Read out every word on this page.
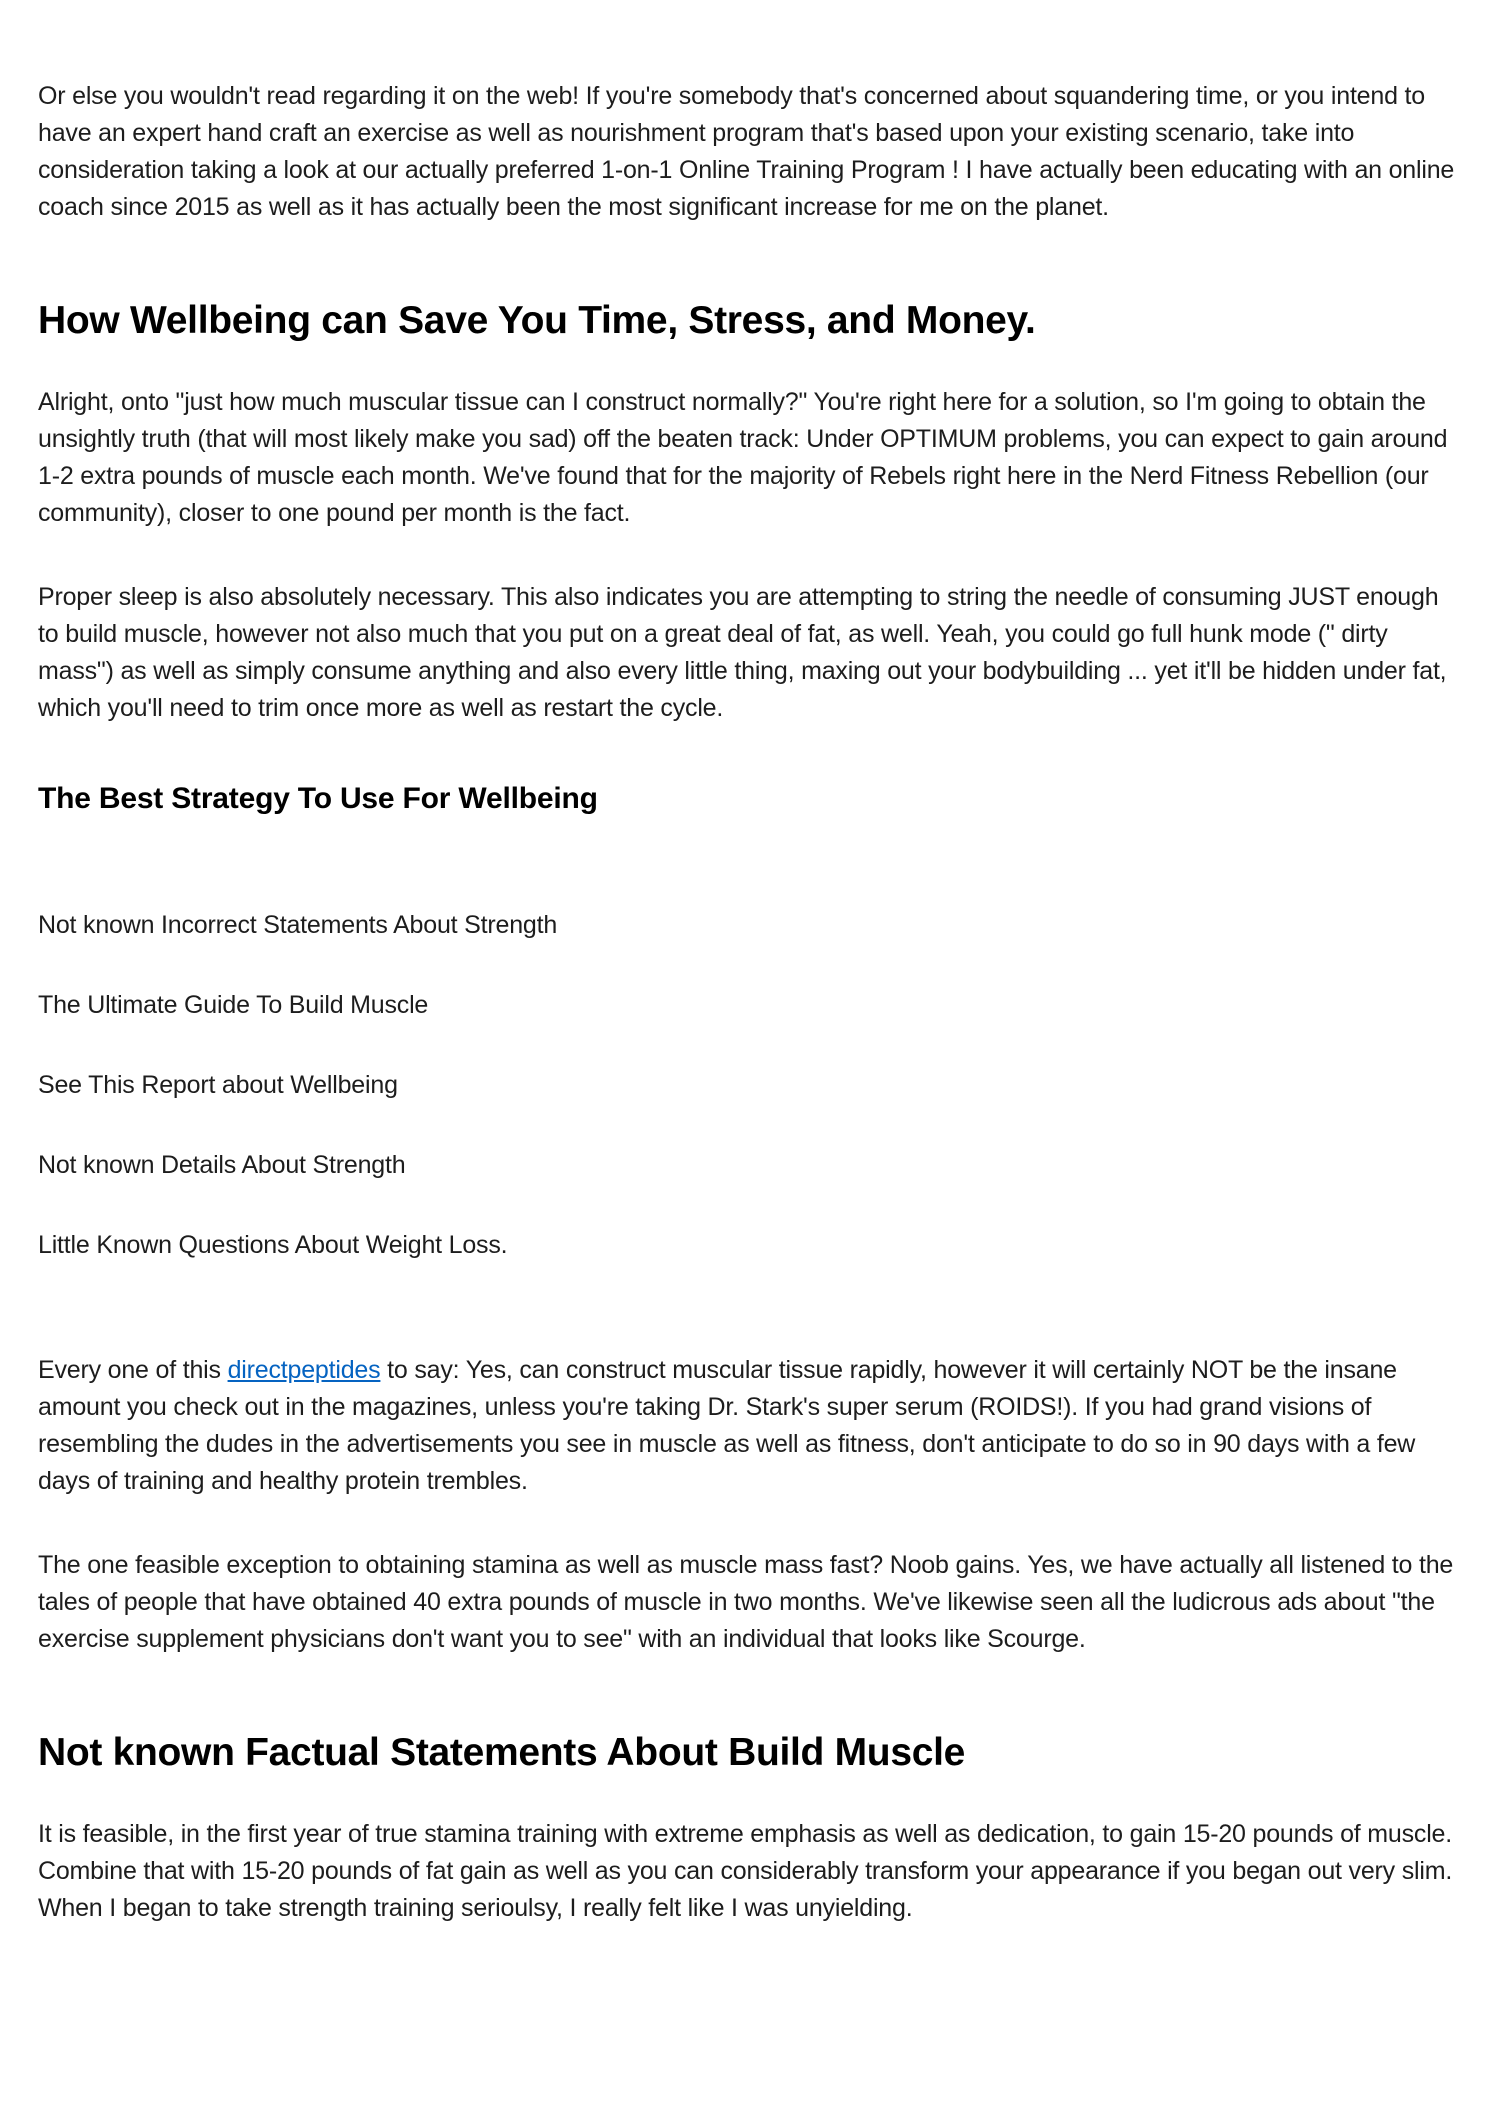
Or else you wouldn't read regarding it on the web! If you're somebody that's concerned about squandering time, or you intend to have an expert hand craft an exercise as well as nourishment program that's based upon your existing scenario, take into consideration taking a look at our actually preferred 1-on-1 Online Training Program ! I have actually been educating with an online coach since 2015 as well as it has actually been the most significant increase for me on the planet.

How Wellbeing can Save You Time, Stress, and Money.

Alright, onto "just how much muscular tissue can I construct normally?" You're right here for a solution, so I'm going to obtain the unsightly truth (that will most likely make you sad) off the beaten track: Under OPTIMUM problems, you can expect to gain around 1-2 extra pounds of muscle each month. We've found that for the majority of Rebels right here in the Nerd Fitness Rebellion (our community), closer to one pound per month is the fact.

Proper sleep is also absolutely necessary. This also indicates you are attempting to string the needle of consuming JUST enough to build muscle, however not also much that you put on a great deal of fat, as well. Yeah, you could go full hunk mode (" dirty mass") as well as simply consume anything and also every little thing, maxing out your bodybuilding ... yet it'll be hidden under fat, which you'll need to trim once more as well as restart the cycle.

The Best Strategy To Use For Wellbeing

Not known Incorrect Statements About Strength

The Ultimate Guide To Build Muscle

See This Report about Wellbeing

Not known Details About Strength

Little Known Questions About Weight Loss.

Every one of this directpeptides to say: Yes, can construct muscular tissue rapidly, however it will certainly NOT be the insane amount you check out in the magazines, unless you're taking Dr. Stark's super serum (ROIDS!). If you had grand visions of resembling the dudes in the advertisements you see in muscle as well as fitness, don't anticipate to do so in 90 days with a few days of training and healthy protein trembles.

The one feasible exception to obtaining stamina as well as muscle mass fast? Noob gains. Yes, we have actually all listened to the tales of people that have obtained 40 extra pounds of muscle in two months. We've likewise seen all the ludicrous ads about "the exercise supplement physicians don't want you to see" with an individual that looks like Scourge.

Not known Factual Statements About Build Muscle

It is feasible, in the first year of true stamina training with extreme emphasis as well as dedication, to gain 15-20 pounds of muscle. Combine that with 15-20 pounds of fat gain as well as you can considerably transform your appearance if you began out very slim. When I began to take strength training serioulsy, I really felt like I was unyielding.
